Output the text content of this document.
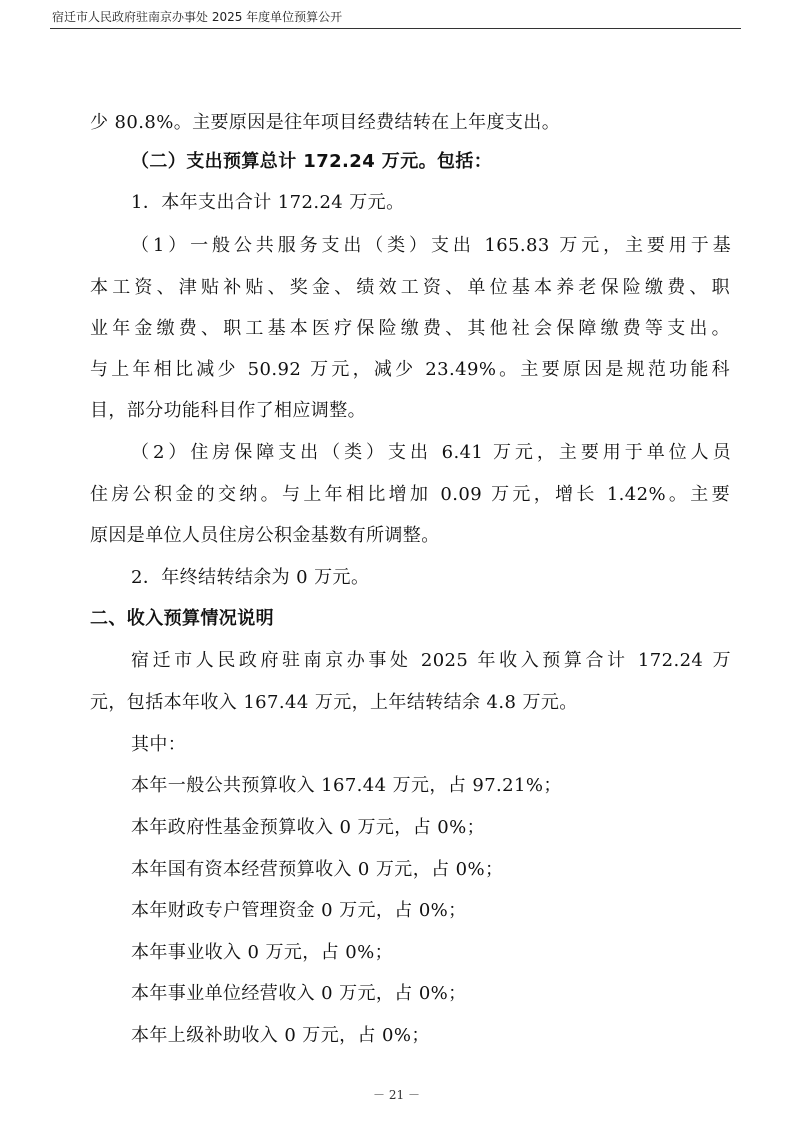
宿迁市人民政府驻南京办事处 2025 年度单位预算公开
少 80.8%。主要原因是往年项目经费结转在上年度支出。
（二）支出预算总计 172.24 万元。包括：
1．本年支出合计 172.24 万元。
（1）一般公共服务支出（类）支出 165.83 万元，主要用于基
本工资、津贴补贴、奖金、绩效工资、单位基本养老保险缴费、职
业年金缴费、职工基本医疗保险缴费、其他社会保障缴费等支出。
与上年相比减少 50.92 万元，减少 23.49%。主要原因是规范功能科
目，部分功能科目作了相应调整。
（2）住房保障支出（类）支出 6.41 万元，主要用于单位人员
住房公积金的交纳。与上年相比增加 0.09 万元，增长 1.42%。主要
原因是单位人员住房公积金基数有所调整。
2．年终结转结余为 0 万元。
二、收入预算情况说明
宿迁市人民政府驻南京办事处 2025 年收入预算合计 172.24 万
元，包括本年收入 167.44 万元，上年结转结余 4.8 万元。
其中：
本年一般公共预算收入 167.44 万元，占 97.21%；
本年政府性基金预算收入 0 万元，占 0%；
本年国有资本经营预算收入 0 万元，占 0%；
本年财政专户管理资金 0 万元，占 0%；
本年事业收入 0 万元，占 0%；
本年事业单位经营收入 0 万元，占 0%；
本年上级补助收入 0 万元，占 0%；
－ 21 －
